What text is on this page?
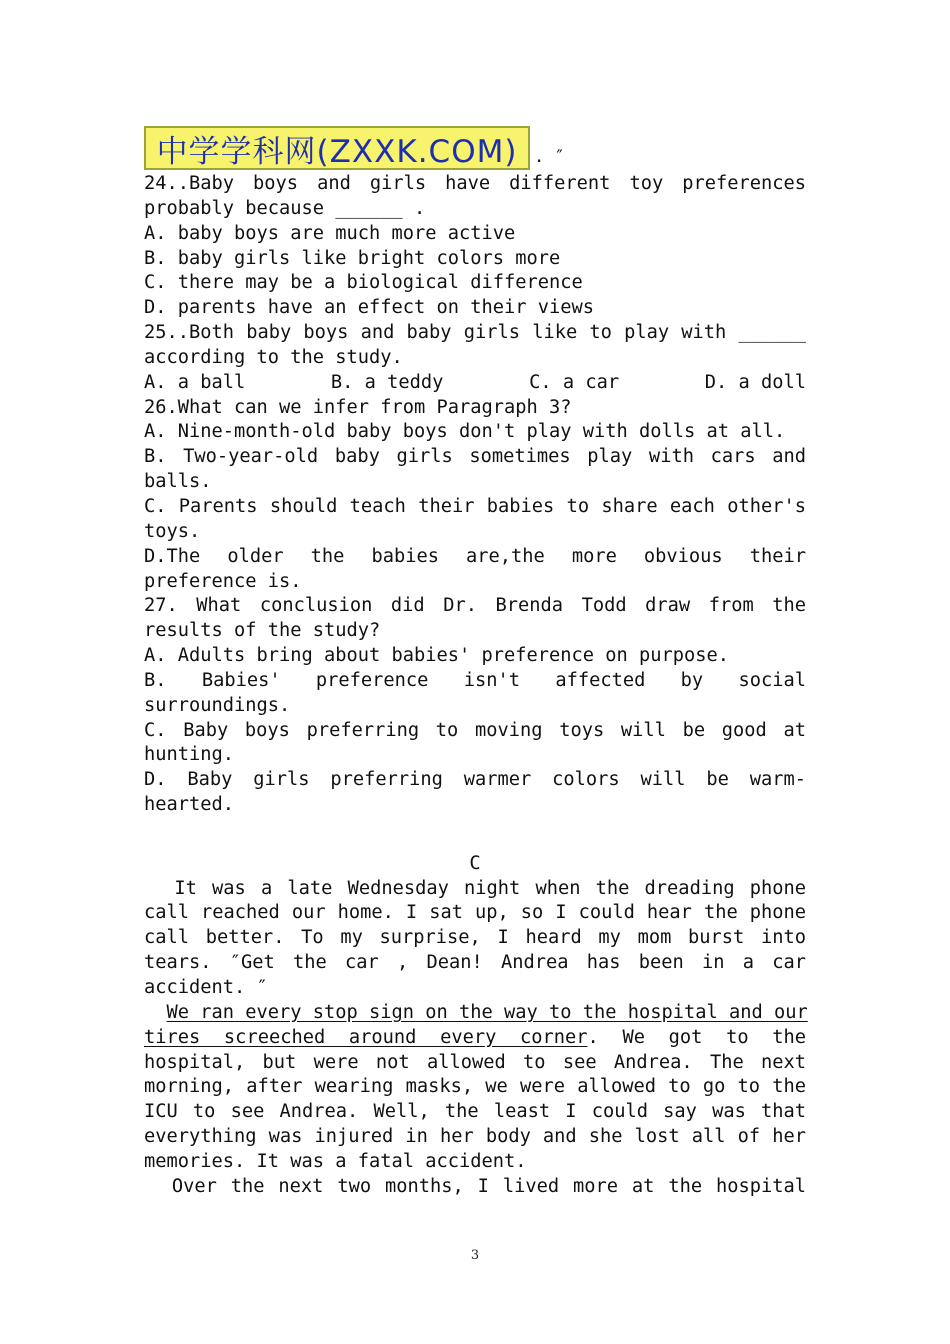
中学学科网(ZXXK.COM) . ″
24..Baby boys and girls have different toy preferences
probably because ______ .
A. baby boys are much more active
B. baby girls like bright colors more
C. there may be a biological difference
D. parents have an effect on their views
25..Both baby boys and baby girls like to play with ______
according to the study.
A. a ball	B. a teddy	C. a car	D. a doll
26.What can we infer from Paragraph 3?
A. Nine-month-old baby boys don't play with dolls at all.
B. Two-year-old baby girls sometimes play with cars and
balls.
C. Parents should teach their babies to share each other's
toys.
D.The older the babies are,the more obvious their
preference is.
27. What conclusion did Dr. Brenda Todd draw from the
results of the study?
A. Adults bring about babies' preference on purpose.
B. Babies' preference isn't affected by social
surroundings.
C. Baby boys preferring to moving toys will be good at
hunting.
D. Baby girls preferring warmer colors will be warm-
hearted.
C
It was a late Wednesday night when the dreading phone
call reached our home. I sat up, so I could hear the phone
call better. To my surprise, I heard my mom burst into
tears. ″Get the car , Dean! Andrea has been in a car
accident. ″
We ran every stop sign on the way to the hospital and our
tires screeched around every corner. We got to the
hospital, but were not allowed to see Andrea. The next
morning, after wearing masks, we were allowed to go to the
ICU to see Andrea. Well, the least I could say was that
everything was injured in her body and she lost all of her
memories. It was a fatal accident.
Over the next two months, I lived more at the hospital
3
